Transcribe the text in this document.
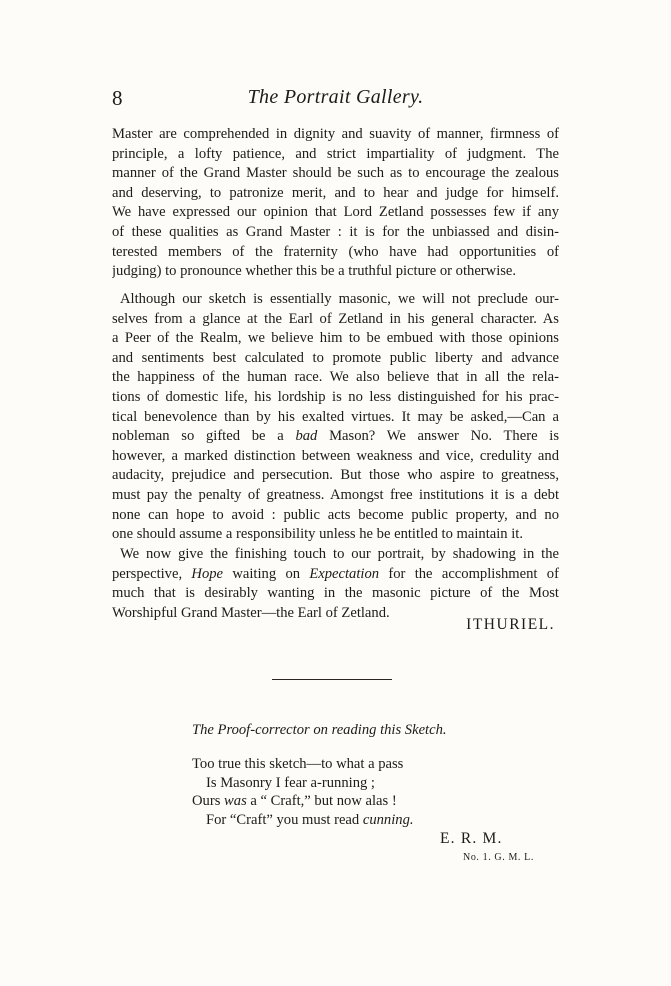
8	The Portrait Gallery.
Master are comprehended in dignity and suavity of manner, firmness of
principle, a lofty patience, and strict impartiality of judgment. The
manner of the Grand Master should be such as to encourage the zealous
and deserving, to patronize merit, and to hear and judge for himself.
We have expressed our opinion that Lord Zetland possesses few if any
of these qualities as Grand Master : it is for the unbiassed and disin-
terested members of the fraternity (who have had opportunities of
judging) to pronounce whether this be a truthful picture or otherwise.
Although our sketch is essentially masonic, we will not preclude our-
selves from a glance at the Earl of Zetland in his general character. As
a Peer of the Realm, we believe him to be embued with those opinions
and sentiments best calculated to promote public liberty and advance
the happiness of the human race. We also believe that in all the rela-
tions of domestic life, his lordship is no less distinguished for his prac-
tical benevolence than by his exalted virtues. It may be asked,—Can a
nobleman so gifted be a bad Mason? We answer No. There is
however, a marked distinction between weakness and vice, credulity and
audacity, prejudice and persecution. But those who aspire to greatness,
must pay the penalty of greatness. Amongst free institutions it is a debt
none can hope to avoid : public acts become public property, and no
one should assume a responsibility unless he be entitled to maintain it.
We now give the finishing touch to our portrait, by shadowing in the
perspective, Hope waiting on Expectation for the accomplishment of
much that is desirably wanting in the masonic picture of the Most
Worshipful Grand Master—the Earl of Zetland.
ITHURIEL.
The Proof-corrector on reading this Sketch.
Too true this sketch—to what a pass
Is Masonry I fear a-running ;
Ours was a “ Craft,” but now alas !
For “Craft” you must read cunning.
E. R. M.
No. 1. G. M. L.
